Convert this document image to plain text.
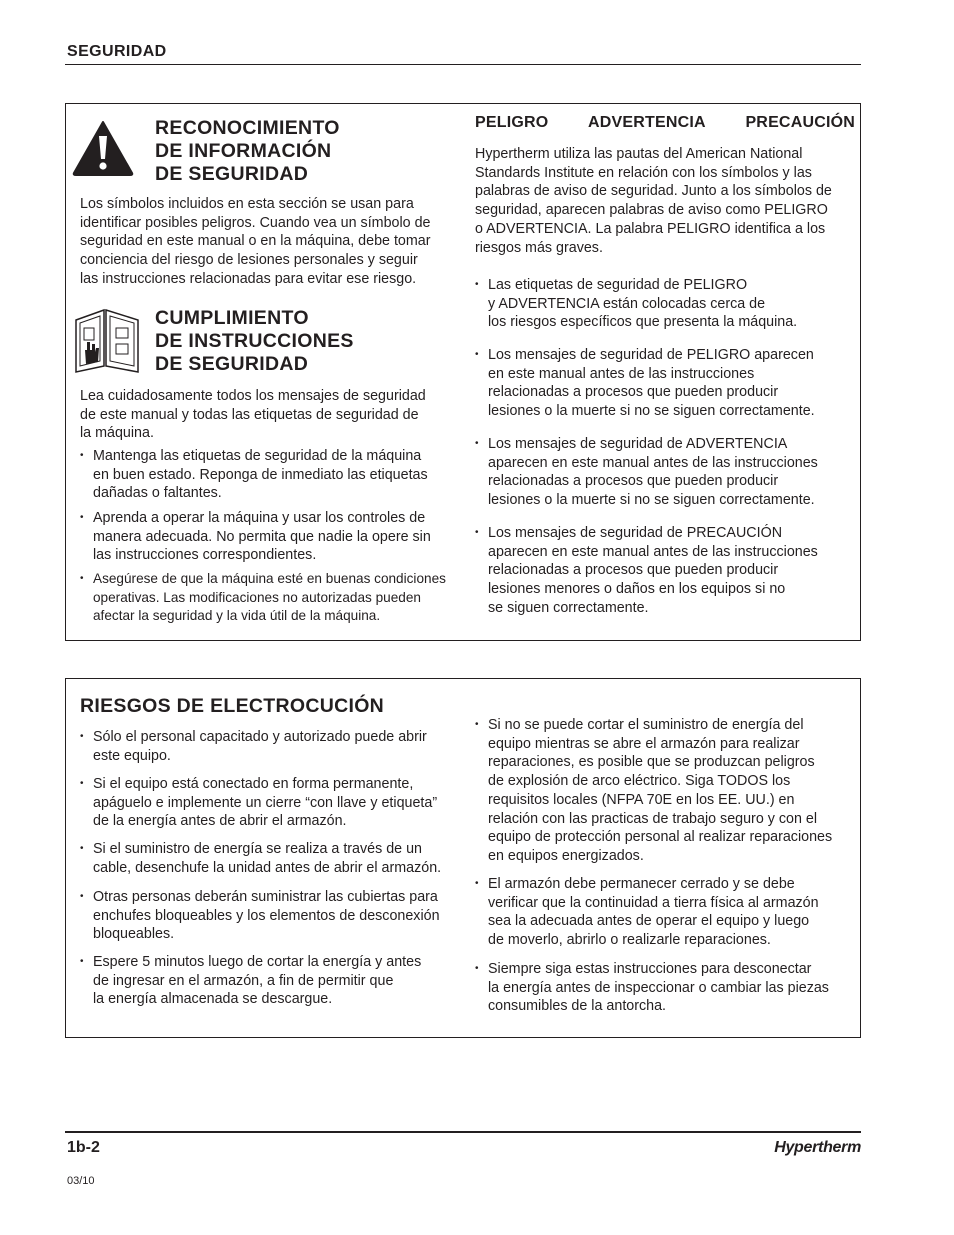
SEGURIDAD
RECONOCIMIENTO
DE INFORMACIÓN
DE SEGURIDAD
Los símbolos incluidos en esta sección se usan para
identificar posibles peligros. Cuando vea un símbolo de
seguridad en este manual o en la máquina, debe tomar
conciencia del riesgo de lesiones personales y seguir
las instrucciones relacionadas para evitar ese riesgo.
CUMPLIMIENTO
DE INSTRUCCIONES
DE SEGURIDAD
Lea cuidadosamente todos los mensajes de seguridad
de este manual y todas las etiquetas de seguridad de
la máquina.
• Mantenga las etiquetas de seguridad de la máquina
en buen estado. Reponga de inmediato las etiquetas
dañadas o faltantes.
• Aprenda a operar la máquina y usar los controles de
manera adecuada. No permita que nadie la opere sin
las instrucciones correspondientes.
• Asegúrese de que la máquina esté en buenas condiciones
operativas. Las modificaciones no autorizadas pueden
afectar la seguridad y la vida útil de la máquina.
PELIGRO ADVERTENCIA PRECAUCIÓN
Hypertherm utiliza las pautas del American National
Standards Institute en relación con los símbolos y las
palabras de aviso de seguridad. Junto a los símbolos de
seguridad, aparecen palabras de aviso como PELIGRO
o ADVERTENCIA. La palabra PELIGRO identifica a los
riesgos más graves.
• Las etiquetas de seguridad de PELIGRO
y ADVERTENCIA están colocadas cerca de
los riesgos específicos que presenta la máquina.
• Los mensajes de seguridad de PELIGRO aparecen
en este manual antes de las instrucciones
relacionadas a procesos que pueden producir
lesiones o la muerte si no se siguen correctamente.
• Los mensajes de seguridad de ADVERTENCIA
aparecen en este manual antes de las instrucciones
relacionadas a procesos que pueden producir
lesiones o la muerte si no se siguen correctamente.
• Los mensajes de seguridad de PRECAUCIÓN
aparecen en este manual antes de las instrucciones
relacionadas a procesos que pueden producir
lesiones menores o daños en los equipos si no
se siguen correctamente.
RIESGOS DE ELECTROCUCIÓN
• Sólo el personal capacitado y autorizado puede abrir
este equipo.
• Si el equipo está conectado en forma permanente,
apáguelo e implemente un cierre “con llave y etiqueta”
de la energía antes de abrir el armazón.
• Si el suministro de energía se realiza a través de un
cable, desenchufe la unidad antes de abrir el armazón.
• Otras personas deberán suministrar las cubiertas para
enchufes bloqueables y los elementos de desconexión
bloqueables.
• Espere 5 minutos luego de cortar la energía y antes
de ingresar en el armazón, a fin de permitir que
la energía almacenada se descargue.
• Si no se puede cortar el suministro de energía del
equipo mientras se abre el armazón para realizar
reparaciones, es posible que se produzcan peligros
de explosión de arco eléctrico. Siga TODOS los
requisitos locales (NFPA 70E en los EE. UU.) en
relación con las practicas de trabajo seguro y con el
equipo de protección personal al realizar reparaciones
en equipos energizados.
• El armazón debe permanecer cerrado y se debe
verificar que la continuidad a tierra física al armazón
sea la adecuada antes de operar el equipo y luego
de moverlo, abrirlo o realizarle reparaciones.
• Siempre siga estas instrucciones para desconectar
la energía antes de inspeccionar o cambiar las piezas
consumibles de la antorcha.
1b-2	Hypertherm
03/10
